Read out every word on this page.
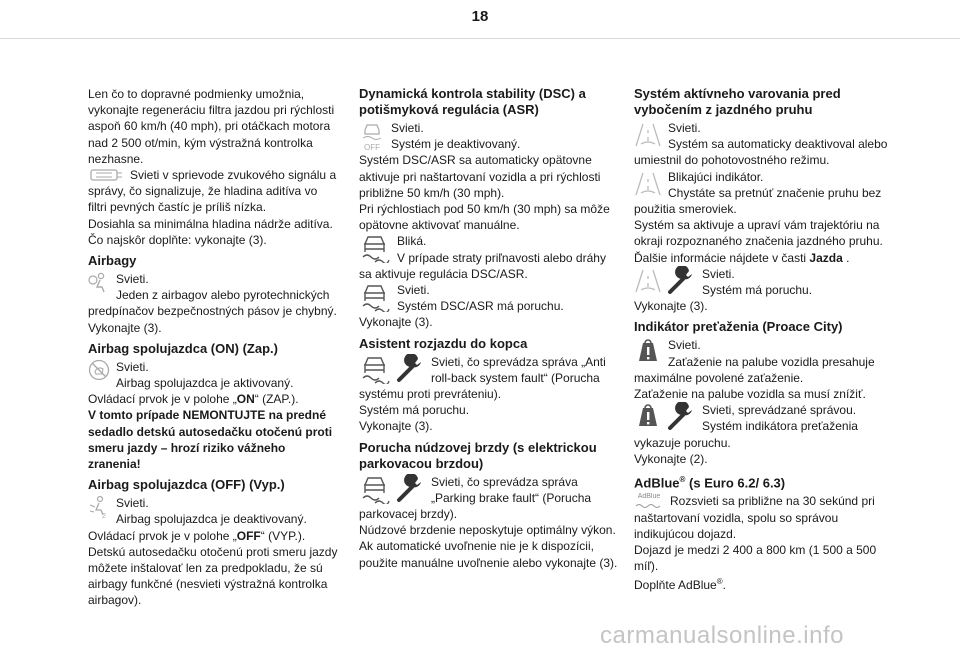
18

Len čo to dopravné podmienky umožnia, vykonajte regeneráciu filtra jazdou pri rýchlosti aspoň 60 km/h (40 mph), pri otáčkach motora nad 2 500 ot/min, kým výstražná kontrolka nezhasne.

Svieti v sprievode zvukového signálu a správy, čo signalizuje, že hladina aditíva vo filtri pevných častíc je príliš nízka.

Dosiahla sa minimálna hladina nádrže aditíva.

Čo najskôr doplňte: vykonajte (3).

Airbagy

Svieti.

Jeden z airbagov alebo pyrotechnických predpínačov bezpečnostných pásov je chybný.

Vykonajte (3).

Airbag spolujazdca (ON) (Zap.)

Svieti.

Airbag spolujazdca je aktivovaný.

Ovládací prvok je v polohe „ON“ (ZAP.).

V tomto prípade NEMONTUJTE na predné sedadlo detskú autosedačku otočenú proti smeru jazdy – hrozí riziko vážneho zranenia!

Airbag spolujazdca (OFF) (Vyp.)
2

Svieti.

Airbag spolujazdca je deaktivovaný.

Ovládací prvok je v polohe „OFF“ (VYP.).

Detskú autosedačku otočenú proti smeru jazdy môžete inštalovať len za predpokladu, že sú airbagy funkčné (nesvieti výstražná kontrolka airbagov).

Dynamická kontrola stability (DSC) a potišmyková regulácia (ASR)
OFF

Svieti.

Systém je deaktivovaný.

Systém DSC/ASR sa automaticky opätovne aktivuje pri naštartovaní vozidla a pri rýchlosti približne 50 km/h (30 mph).

Pri rýchlostiach pod 50 km/h (30 mph) sa môže opätovne aktivovať manuálne.

Bliká.

V prípade straty priľnavosti alebo dráhy sa aktivuje regulácia DSC/ASR.

Svieti.

Systém DSC/ASR má poruchu.

Vykonajte (3).

Asistent rozjazdu do kopca

Svieti, čo sprevádza správa „Anti roll-back system fault“ (Porucha systému proti prevráteniu).

Systém má poruchu.

Vykonajte (3).

Porucha núdzovej brzdy (s elektrickou parkovacou brzdou)

Svieti, čo sprevádza správa „Parking brake fault“ (Porucha parkovacej brzdy).

Núdzové brzdenie neposkytuje optimálny výkon.

Ak automatické uvoľnenie nie je k dispozícii, použite manuálne uvoľnenie alebo vykonajte (3).

Systém aktívneho varovania pred vybočením z jazdného pruhu

Svieti.

Systém sa automaticky deaktivoval alebo umiestnil do pohotovostného režimu.

Blikajúci indikátor.

Chystáte sa pretnúť značenie pruhu bez použitia smeroviek.

Systém sa aktivuje a upraví vám trajektóriu na okraji rozpoznaného značenia jazdného pruhu.

Ďalšie informácie nájdete v časti Jazda .

Svieti.

Systém má poruchu.

Vykonajte (3).

Indikátor preťaženia (Proace City)

Svieti.

Zaťaženie na palube vozidla presahuje maximálne povolené zaťaženie.

Zaťaženie na palube vozidla sa musí znížiť.

Svieti, sprevádzané správou.

Systém indikátora preťaženia vykazuje poruchu.

Vykonajte (2).

AdBlue® (s Euro 6.2/ 6.3)
AdBlue Rozsvieti sa približne na 30 sekúnd pri naštartovaní vozidla, spolu so správou indikujúcou dojazd.

Dojazd je medzi 2 400 a 800 km (1 500 a 500 míľ).

Doplňte AdBlue®.

carmanualsonline.info
